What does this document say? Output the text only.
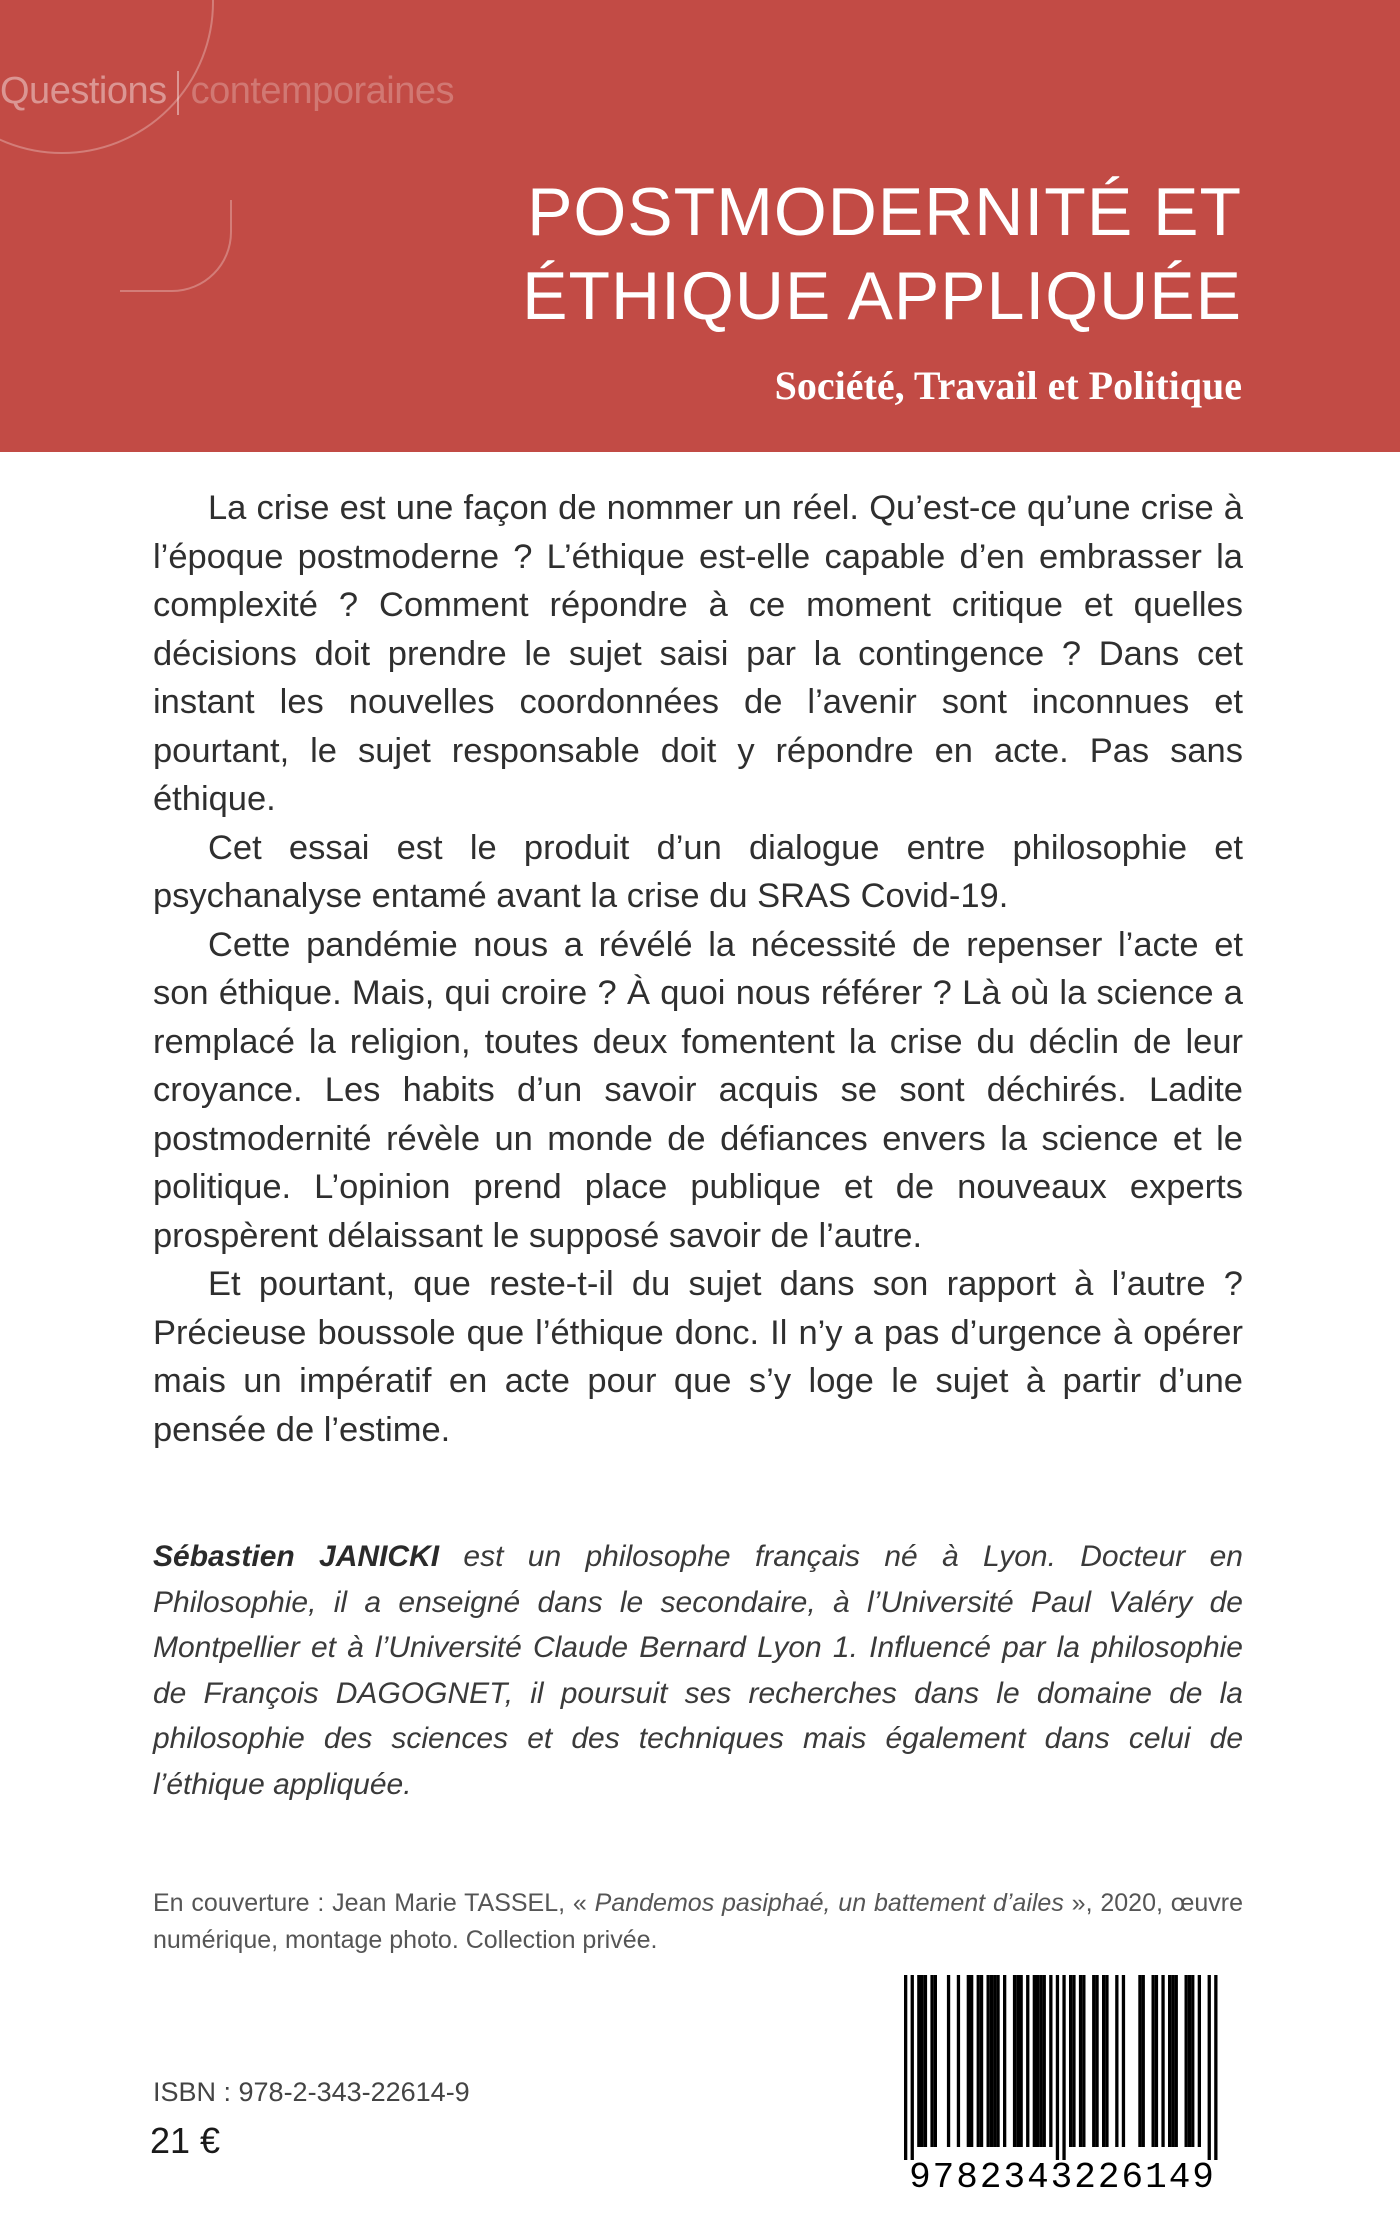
Questions contemporaines
POSTMODERNITÉ ET
ÉTHIQUE APPLIQUÉE
Société, Travail et Politique

La crise est une façon de nommer un réel. Qu’est-ce qu’une crise à l’époque postmoderne ? L’éthique est-elle capable d’en embrasser la complexité ? Comment répondre à ce moment critique et quelles décisions doit prendre le sujet saisi par la contingence ? Dans cet instant les nouvelles coordonnées de l’avenir sont inconnues et pourtant, le sujet responsable doit y répondre en acte. Pas sans éthique.

Cet essai est le produit d’un dialogue entre philosophie et psychanalyse entamé avant la crise du SRAS Covid-19.

Cette pandémie nous a révélé la nécessité de repenser l’acte et son éthique. Mais, qui croire ? À quoi nous référer ? Là où la science a remplacé la religion, toutes deux fomentent la crise du déclin de leur croyance. Les habits d’un savoir acquis se sont déchirés. Ladite postmodernité révèle un monde de défiances envers la science et le politique. L’opinion prend place publique et de nouveaux experts prospèrent délaissant le supposé savoir de l’autre.

Et pourtant, que reste-t-il du sujet dans son rapport à l’autre ? Précieuse boussole que l’éthique donc. Il n’y a pas d’urgence à opérer mais un impératif en acte pour que s’y loge le sujet à partir d’une pensée de l’estime.

Sébastien JANICKI est un philosophe français né à Lyon. Docteur en Philosophie, il a enseigné dans le secondaire, à l’Université Paul Valéry de Montpellier et à l’Université Claude Bernard Lyon 1. Influencé par la philosophie de François DAGOGNET, il poursuit ses recherches dans le domaine de la philosophie des sciences et des techniques mais également dans celui de l’éthique appliquée.

En couverture : Jean Marie TASSEL, « Pandemos pasiphaé, un battement d’ailes », 2020, œuvre numérique, montage photo. Collection privée.

ISBN : 978-2-343-22614-9

21 €

9782343226149
